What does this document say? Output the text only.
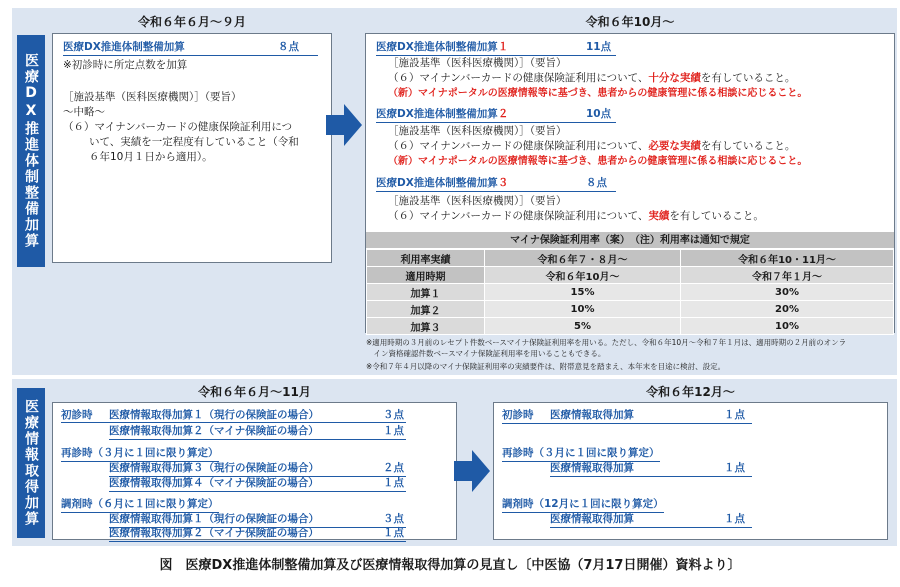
医療DX推進体制整備加算
令和６年６月～９月	令和６年10月～
医療DX推進体制整備加算	８点
※初診時に所定点数を加算
［施設基準（医科医療機関）］（要旨）
～中略～
（６）マイナンバーカードの健康保険証利用につ
いて、実績を一定程度有していること（令和
６年10月１日から適用）。
医療DX推進体制整備加算１	11点
［施設基準（医科医療機関）］（要旨）
（６）マイナンバーカードの健康保険証利用について、十分な実績を有していること。
（新）マイナポータルの医療情報等に基づき、患者からの健康管理に係る相談に応じること。
医療DX推進体制整備加算２	10点
［施設基準（医科医療機関）］（要旨）
（６）マイナンバーカードの健康保険証利用について、必要な実績を有していること。
（新）マイナポータルの医療情報等に基づき、患者からの健康管理に係る相談に応じること。
医療DX推進体制整備加算３	８点
［施設基準（医科医療機関）］（要旨）
（６）マイナンバーカードの健康保険証利用について、実績を有していること。
マイナ保険証利用率（案）　（注）利用率は通知で規定
利用率実績	令和６年７・８月～	令和６年10・11月～
適用時期	令和６年10月～	令和７年１月～
加算１	15%	30%
加算２	10%	20%
加算３	5%	10%
※適用時期の３月前のレセプト件数ベースマイナ保険証利用率を用いる。ただし、令和６年10月～令和７年１月は、適用時期の２月前のオンラ
　イン資格確認件数ベースマイナ保険証利用率を用いることもできる。
※令和７年４月以降のマイナ保険証利用率の実績要件は、附帯意見を踏まえ、本年末を目途に検討、設定。
医療情報取得加算
令和６年６月～11月	令和６年12月～
初診時 医療情報取得加算１（現行の保険証の場合）	３点
医療情報取得加算２（マイナ保険証の場合）	１点
再診時（３月に１回に限り算定）
医療情報取得加算３（現行の保険証の場合）	２点
医療情報取得加算４（マイナ保険証の場合）	１点
調剤時（６月に１回に限り算定）
医療情報取得加算１（現行の保険証の場合）	３点
医療情報取得加算２（マイナ保険証の場合）	１点
初診時 医療情報取得加算	１点
再診時（３月に１回に限り算定）
医療情報取得加算	１点
調剤時（12月に１回に限り算定）
医療情報取得加算	１点
図　医療DX推進体制整備加算及び医療情報取得加算の見直し〔中医協（7月17日開催）資料より〕
